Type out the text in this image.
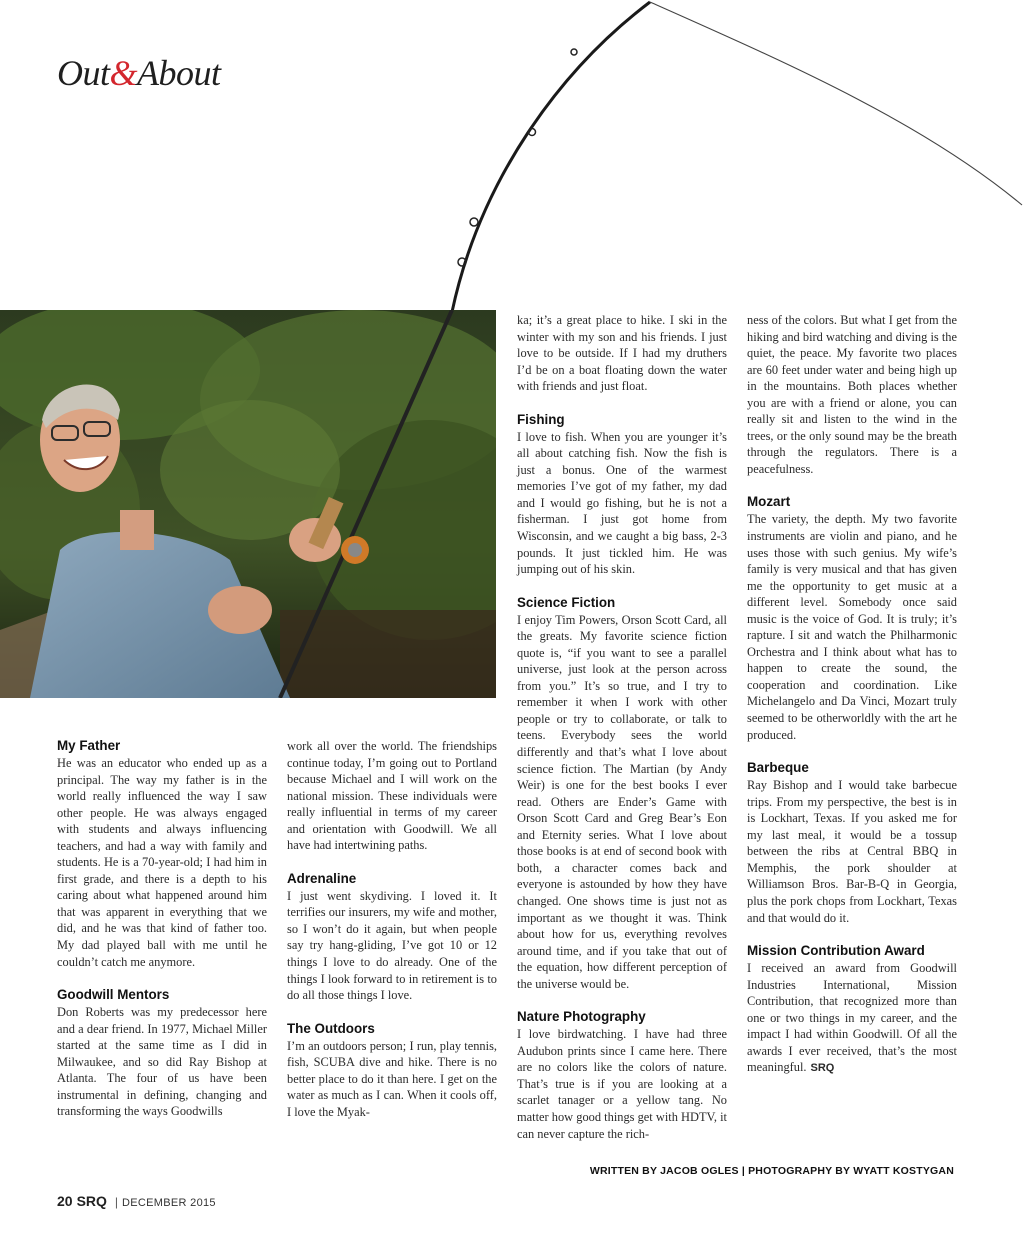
Out&About
My Father

He was an educator who ended up as a principal. The way my father is in the world really influenced the way I saw other people. He was always engaged with students and always influencing teachers, and had a way with family and students. He is a 70-year-old; I had him in first grade, and there is a depth to his caring about what happened around him that was apparent in everything that we did, and he was that kind of father too. My dad played ball with me until he couldn’t catch me anymore.

Goodwill Mentors

Don Roberts was my predecessor here and a dear friend. In 1977, Michael Miller started at the same time as I did in Milwaukee, and so did Ray Bishop at Atlanta. The four of us have been instrumental in defining, changing and transforming the ways Goodwills

work all over the world. The friendships continue today, I’m going out to Portland because Michael and I will work on the national mission. These individuals were really influential in terms of my career and orientation with Goodwill. We all have had intertwining paths.

Adrenaline

I just went skydiving. I loved it. It terrifies our insurers, my wife and mother, so I won’t do it again, but when people say try hang-gliding, I’ve got 10 or 12 things I love to do already. One of the things I look forward to in retirement is to do all those things I love.

The Outdoors

I’m an outdoors person; I run, play tennis, fish, SCUBA dive and hike. There is no better place to do it than here. I get on the water as much as I can. When it cools off, I love the Myak-

ka; it’s a great place to hike. I ski in the winter with my son and his friends. I just love to be outside. If I had my druthers I’d be on a boat floating down the water with friends and just float.

Fishing

I love to fish. When you are younger it’s all about catching fish. Now the fish is just a bonus. One of the warmest memories I’ve got of my father, my dad and I would go fishing, but he is not a fisherman. I just got home from Wisconsin, and we caught a big bass, 2-3 pounds. It just tickled him. He was jumping out of his skin.

Science Fiction

I enjoy Tim Powers, Orson Scott Card, all the greats. My favorite science fiction quote is, “if you want to see a parallel universe, just look at the person across from you.” It’s so true, and I try to remember it when I work with other people or try to collaborate, or talk to teens. Everybody sees the world differently and that’s what I love about science fiction. The Martian (by Andy Weir) is one for the best books I ever read. Others are Ender’s Game with Orson Scott Card and Greg Bear’s Eon and Eternity series. What I love about those books is at end of second book with both, a character comes back and everyone is astounded by how they have changed. One shows time is just not as important as we thought it was. Think about how for us, everything revolves around time, and if you take that out of the equation, how different perception of the universe would be.

Nature Photography

I love birdwatching. I have had three Audubon prints since I came here. There are no colors like the colors of nature. That’s true is if you are looking at a scarlet tanager or a yellow tang. No matter how good things get with HDTV, it can never capture the rich-

ness of the colors. But what I get from the hiking and bird watching and diving is the quiet, the peace. My favorite two places are 60 feet under water and being high up in the mountains. Both places whether you are with a friend or alone, you can really sit and listen to the wind in the trees, or the only sound may be the breath through the regulators. There is a peacefulness.

Mozart

The variety, the depth. My two favorite instruments are violin and piano, and he uses those with such genius. My wife’s family is very musical and that has given me the opportunity to get music at a different level. Somebody once said music is the voice of God. It is truly; it’s rapture. I sit and watch the Philharmonic Orchestra and I think about what has to happen to create the sound, the cooperation and coordination. Like Michelangelo and Da Vinci, Mozart truly seemed to be otherworldly with the art he produced.

Barbeque

Ray Bishop and I would take barbecue trips. From my perspective, the best is in is Lockhart, Texas. If you asked me for my last meal, it would be a tossup between the ribs at Central BBQ in Memphis, the pork shoulder at Williamson Bros. Bar-B-Q in Georgia, plus the pork chops from Lockhart, Texas and that would do it.

Mission Contribution Award

I received an award from Goodwill Industries International, Mission Contribution, that recognized more than one or two things in my career, and the impact I had within Goodwill. Of all the awards I ever received, that’s the most meaningful. SRQ

WRITTEN BY JACOB OGLES | PHOTOGRAPHY BY WYATT KOSTYGAN
20 SRQ | DECEMBER 2015
